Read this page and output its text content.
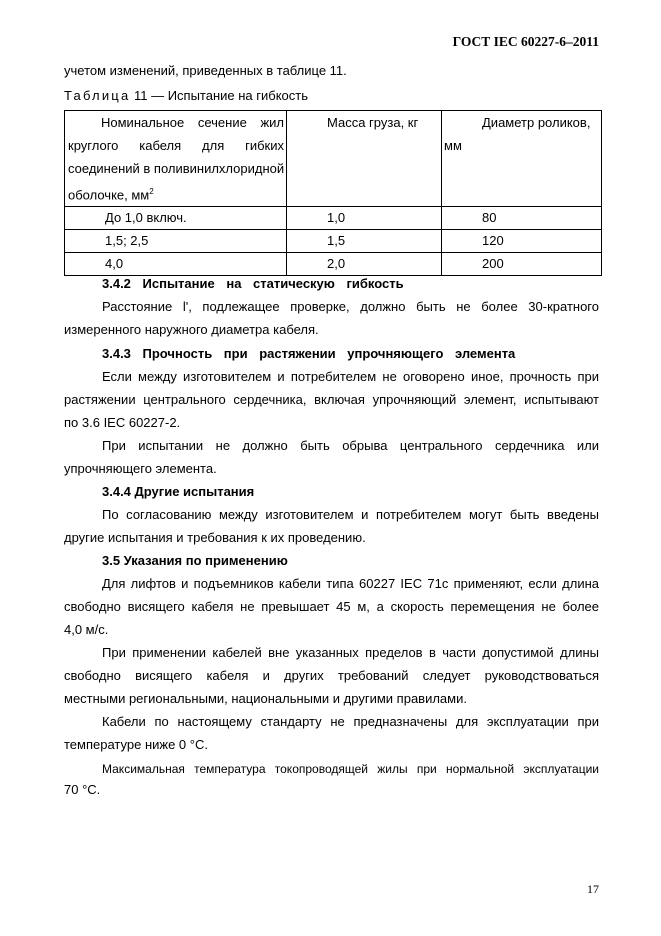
ГОСТ IEC 60227-6–2011
учетом изменений, приведенных в таблице 11.
Таблица 11 — Испытание на гибкость
Номинальное сечение жил
круглого кабеля для гибких
соединений в поливинилхлоридной
оболочке, $мм^2$	Масса груза, кг	Диаметр роликов,
мм

До 1,0 включ.	1,0	80
1,5; 2,5	1,5	120
4,0	2,0	200
3.4.2 Испытание на статическую гибкость
Расстояние l', подлежащее проверке, должно быть не более 30-кратного
измеренного наружного диаметра кабеля.
3.4.3 Прочность при растяжении упрочняющего элемента
Если между изготовителем и потребителем не оговорено иное, прочность при
растяжении центрального сердечника, включая упрочняющий элемент, испытывают
по 3.6 IEC 60227-2.
При испытании не должно быть обрыва центрального сердечника или
упрочняющего элемента.
3.4.4 Другие испытания
По согласованию между изготовителем и потребителем могут быть введены
другие испытания и требования к их проведению.
3.5 Указания по применению
Для лифтов и подъемников кабели типа 60227 IEC 71c применяют, если длина
свободно висящего кабеля не превышает 45 м, а скорость перемещения не более
4,0 м/с.
При применении кабелей вне указанных пределов в части допустимой длины
свободно висящего кабеля и других требований следует руководствоваться
местными региональными, национальными и другими правилами.
Кабели по настоящему стандарту не предназначены для эксплуатации при
температуре ниже 0 °С.
Максимальная температура токопроводящей жилы при нормальной эксплуатации
70 °С.
17
